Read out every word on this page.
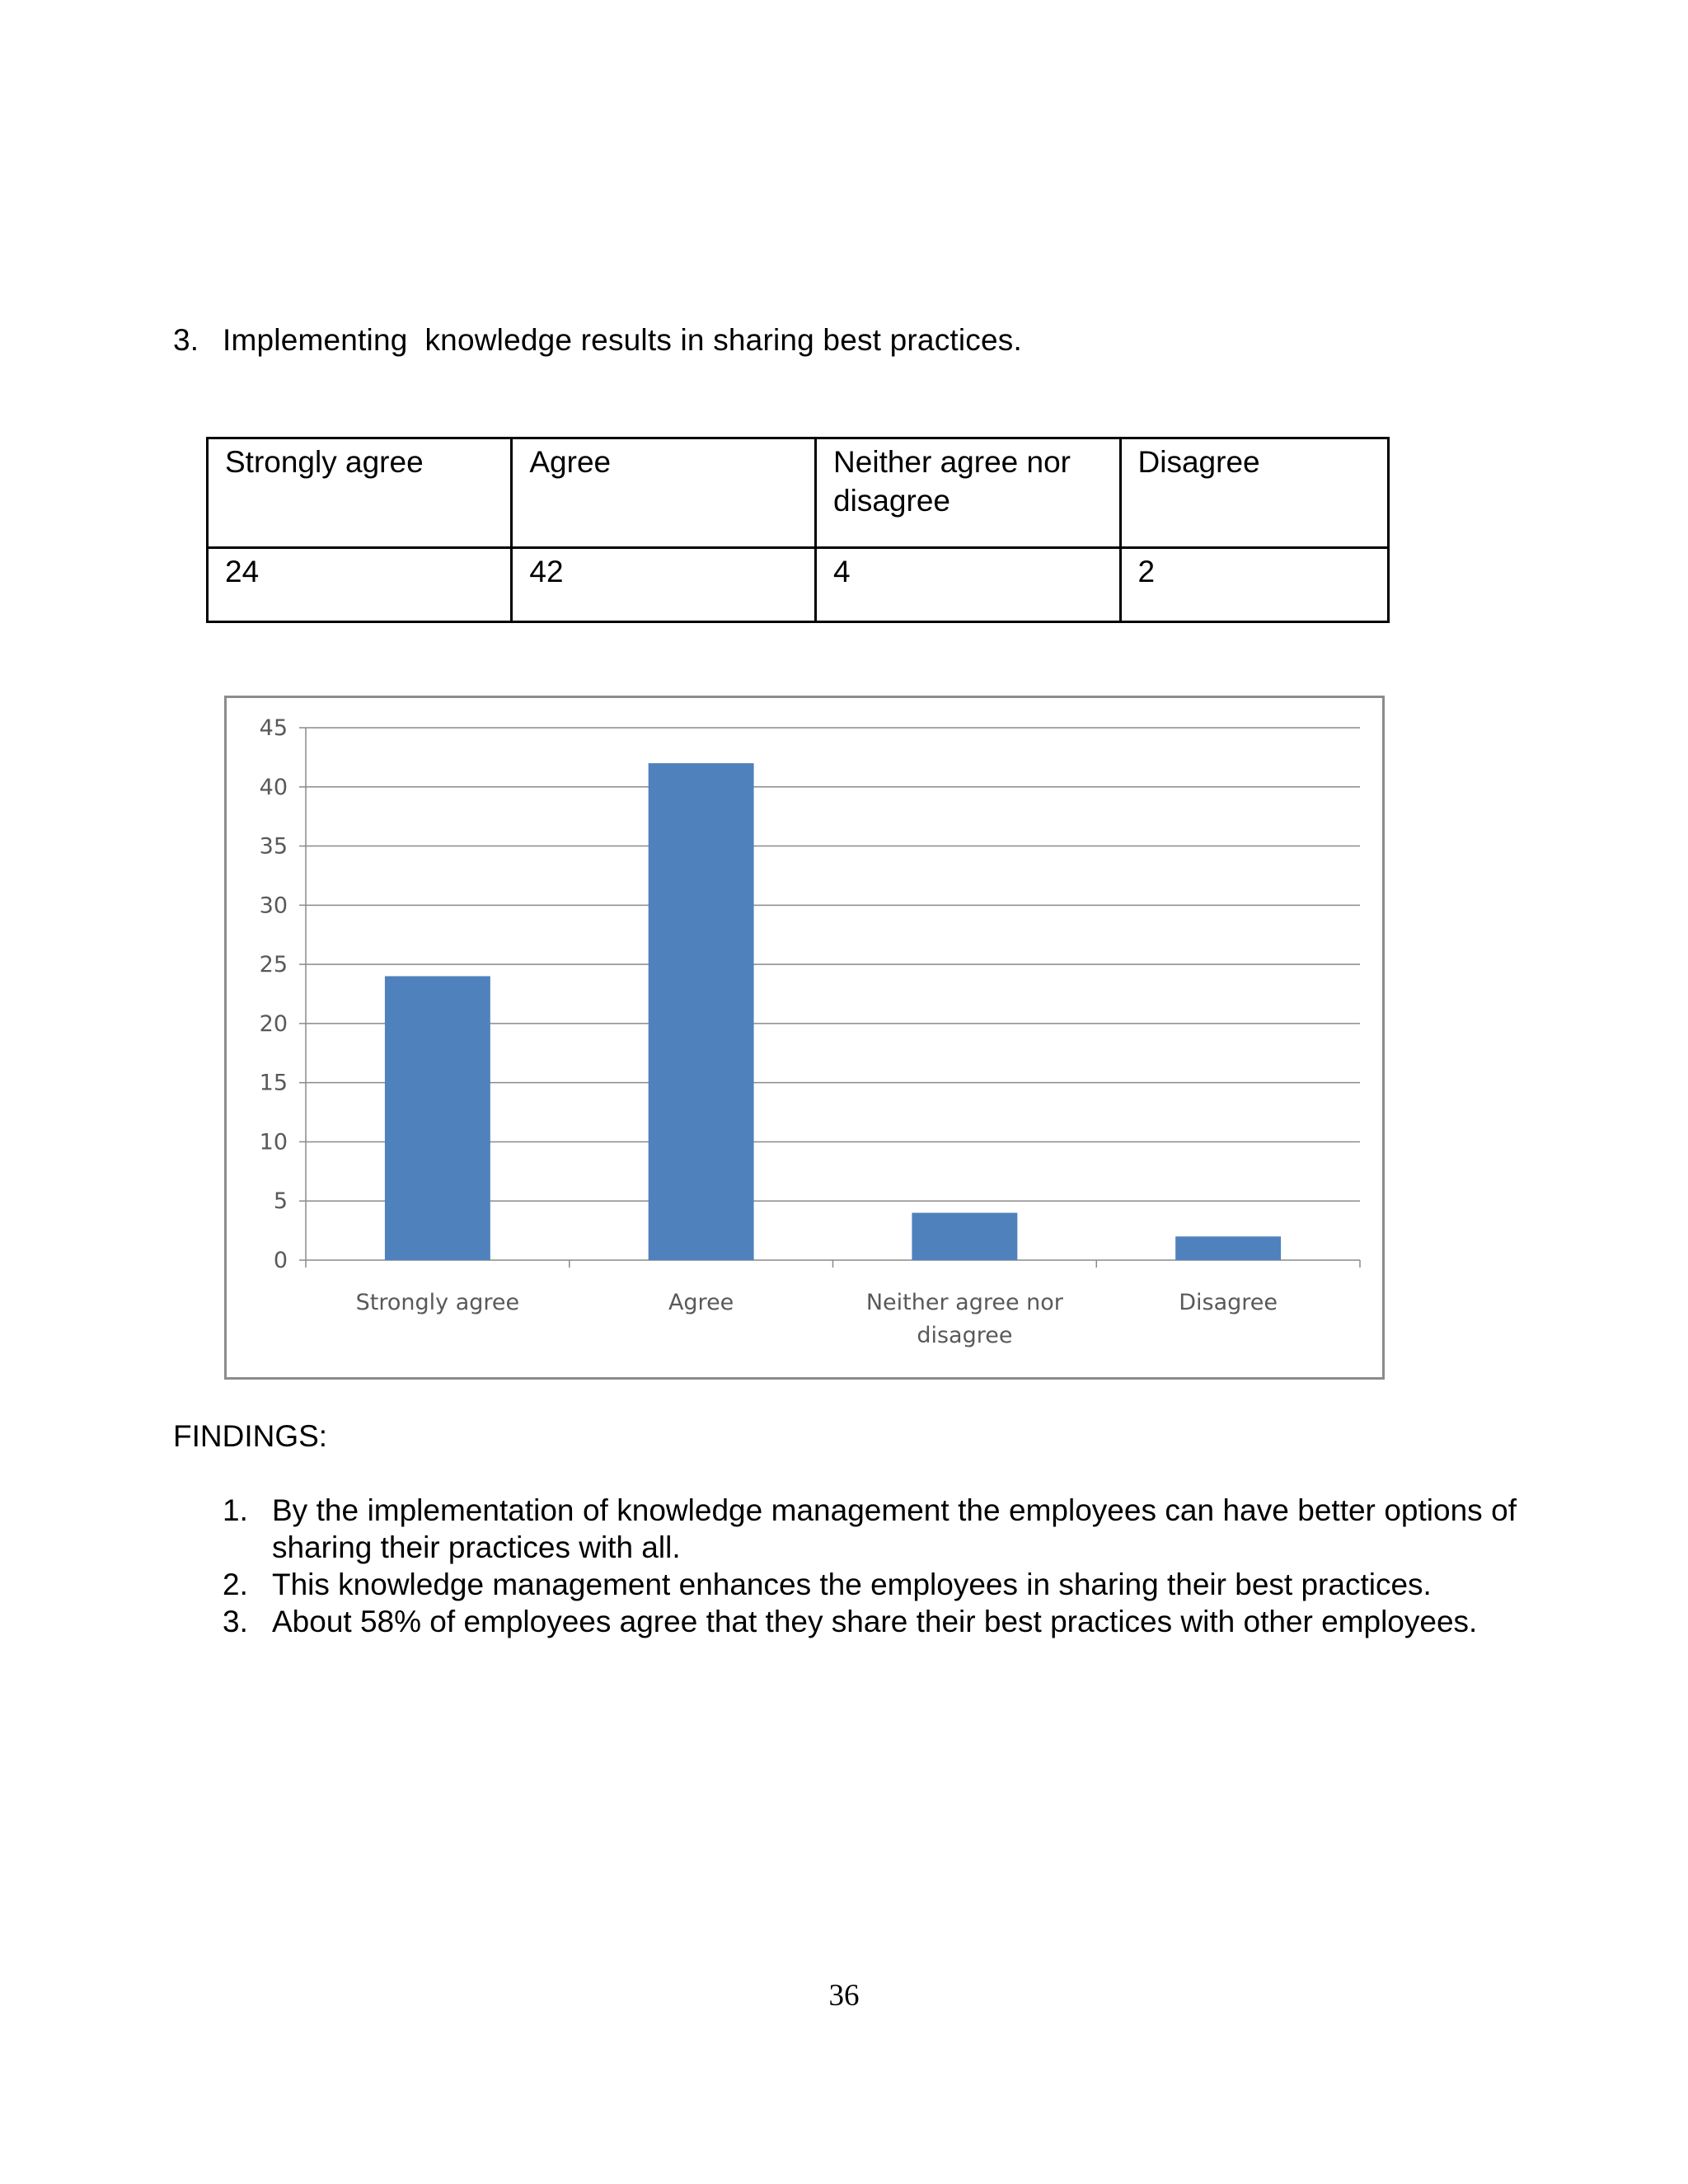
3. Implementing  knowledge results in sharing best practices.
Strongly agree	Agree	Neither agree nor disagree	Disagree
24	42	4	2
0
5
10
15
20
25
30
35
40
45
Strongly agree	Agree	Neither agree nor disagree
Disagree
FINDINGS:
1. By the implementation of knowledge management the employees can have better options of sharing their practices with all.
2. This knowledge management enhances the employees in sharing their best practices.
3. About 58% of employees agree that they share their best practices with other employees.
36
